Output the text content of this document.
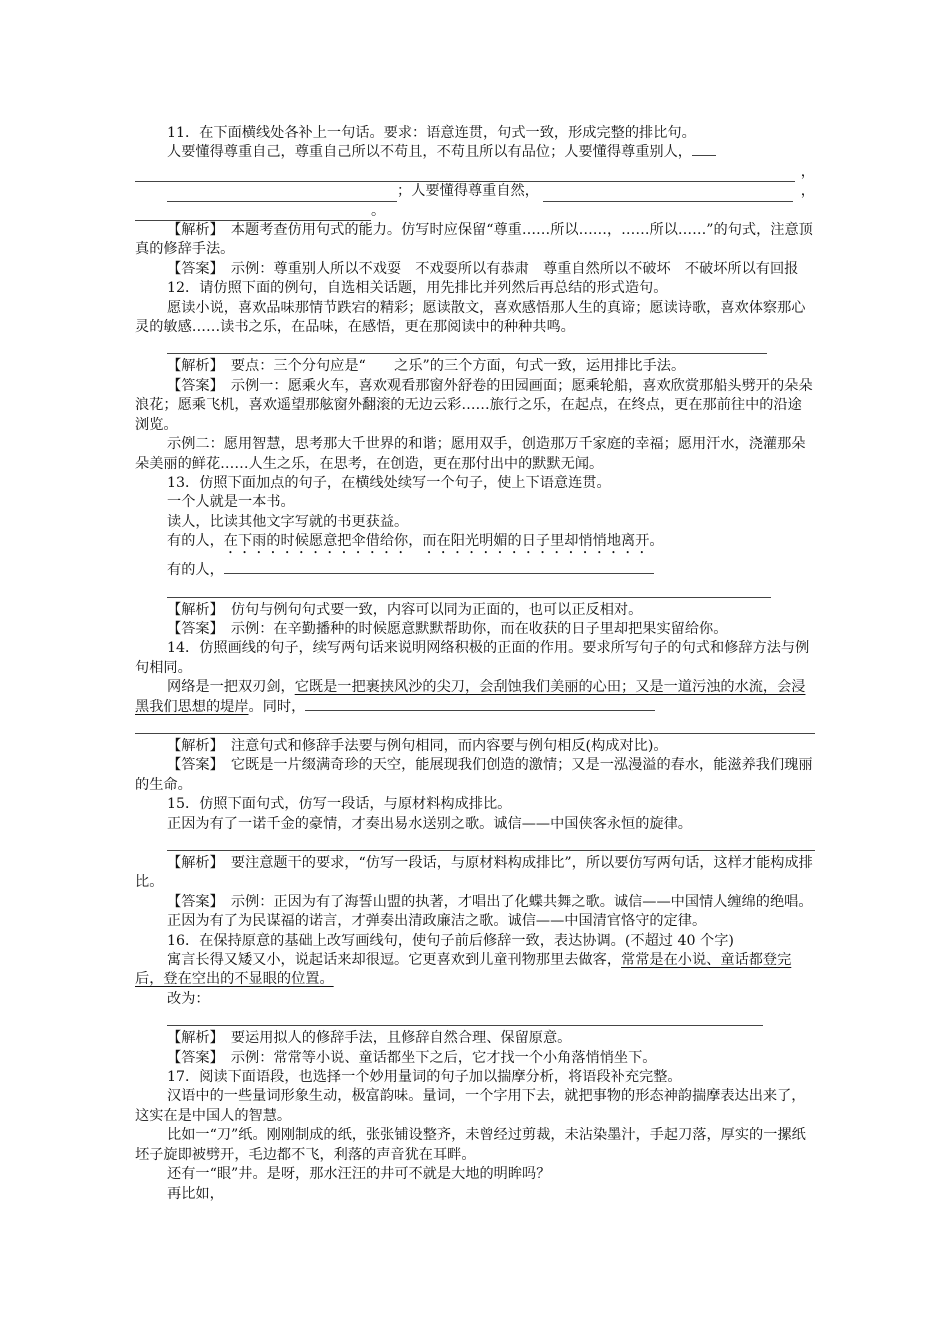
11．在下面横线处各补上一句话。要求：语意连贯，句式一致，形成完整的排比句。

人要懂得尊重自己，尊重自己所以不苟且，不苟且所以有品位；人要懂得尊重别人，

，
；人要懂得尊重自然，	，
。

【解析】　 本题考查仿用句式的能力。仿写时应保留“尊重……所以……，……所以……”的句式，注意顶真的修辞手法。

【答案】　 示例：尊重别人所以不戏耍　不戏耍所以有恭肃　尊重自然所以不破坏　不破坏所以有回报

12．请仿照下面的例句，自选相关话题，用先排比并列然后再总结的形式造句。

愿读小说，喜欢品味那情节跌宕的精彩；愿读散文，喜欢感悟那人生的真谛；愿读诗歌，喜欢体察那心灵的敏感……读书之乐，在品味，在感悟，更在那阅读中的种种共鸣。

【解析】　 要点：三个分句应是“　　之乐”的三个方面，句式一致，运用排比手法。

【答案】　 示例一：愿乘火车，喜欢观看那窗外舒卷的田园画面；愿乘轮船，喜欢欣赏那船头劈开的朵朵浪花；愿乘飞机，喜欢遥望那舷窗外翻滚的无边云彩……旅行之乐，在起点，在终点，更在那前往中的沿途浏览。

示例二：愿用智慧，思考那大千世界的和谐；愿用双手，创造那万千家庭的幸福；愿用汗水，浇灌那朵朵美丽的鲜花……人生之乐，在思考，在创造，更在那付出中的默默无闻。

13．仿照下面加点的句子，在横线处续写一个句子，使上下语意连贯。

一个人就是一本书。

读人，比读其他文字写就的书更获益。

有的人，在下雨的时候愿意把伞借给你，而在阳光明媚的日子里却悄悄地离开。

有的人，

【解析】　 仿句与例句句式要一致，内容可以同为正面的，也可以正反相对。

【答案】　 示例：在辛勤播种的时候愿意默默帮助你，而在收获的日子里却把果实留给你。

14．仿照画线的句子，续写两句话来说明网络积极的正面的作用。要求所写句子的句式和修辞方法与例句相同。

网络是一把双刃剑，它既是一把裹挟风沙的尖刀，会刮蚀我们美丽的心田；又是一道污浊的水流，会浸黑我们思想的堤岸。同时，

【解析】　 注意句式和修辞手法要与例句相同，而内容要与例句相反(构成对比)。

【答案】　 它既是一片缀满奇珍的天空，能展现我们创造的激情；又是一泓漫溢的春水，能滋养我们瑰丽的生命。

15．仿照下面句式，仿写一段话，与原材料构成排比。

正因为有了一诺千金的豪情，才奏出易水送别之歌。诚信——中国侠客永恒的旋律。

【解析】　 要注意题干的要求，“仿写一段话，与原材料构成排比”，所以要仿写两句话，这样才能构成排比。

【答案】　 示例：正因为有了海誓山盟的执著，才唱出了化蝶共舞之歌。诚信——中国情人缠绵的绝唱。

正因为有了为民谋福的诺言，才弹奏出清政廉洁之歌。诚信——中国清官恪守的定律。

16．在保持原意的基础上改写画线句，使句子前后修辞一致，表达协调。(不超过 40 个字)

寓言长得又矮又小，说起话来却很逗。它更喜欢到儿童刊物那里去做客，常常是在小说、童话都登完后，登在空出的不显眼的位置。

改为：

【解析】　 要运用拟人的修辞手法，且修辞自然合理、保留原意。

【答案】　 示例：常常等小说、童话都坐下之后，它才找一个小角落悄悄坐下。

17．阅读下面语段，也选择一个妙用量词的句子加以揣摩分析，将语段补充完整。

汉语中的一些量词形象生动，极富韵味。量词，一个字用下去，就把事物的形态神韵揣摩表达出来了，这实在是中国人的智慧。

比如一“刀”纸。刚刚制成的纸，张张铺设整齐，未曾经过剪裁，未沾染墨汁，手起刀落，厚实的一摞纸坯子旋即被劈开，毛边都不飞，利落的声音犹在耳畔。

还有一“眼”井。是呀，那水汪汪的井可不就是大地的明眸吗？

再比如，
